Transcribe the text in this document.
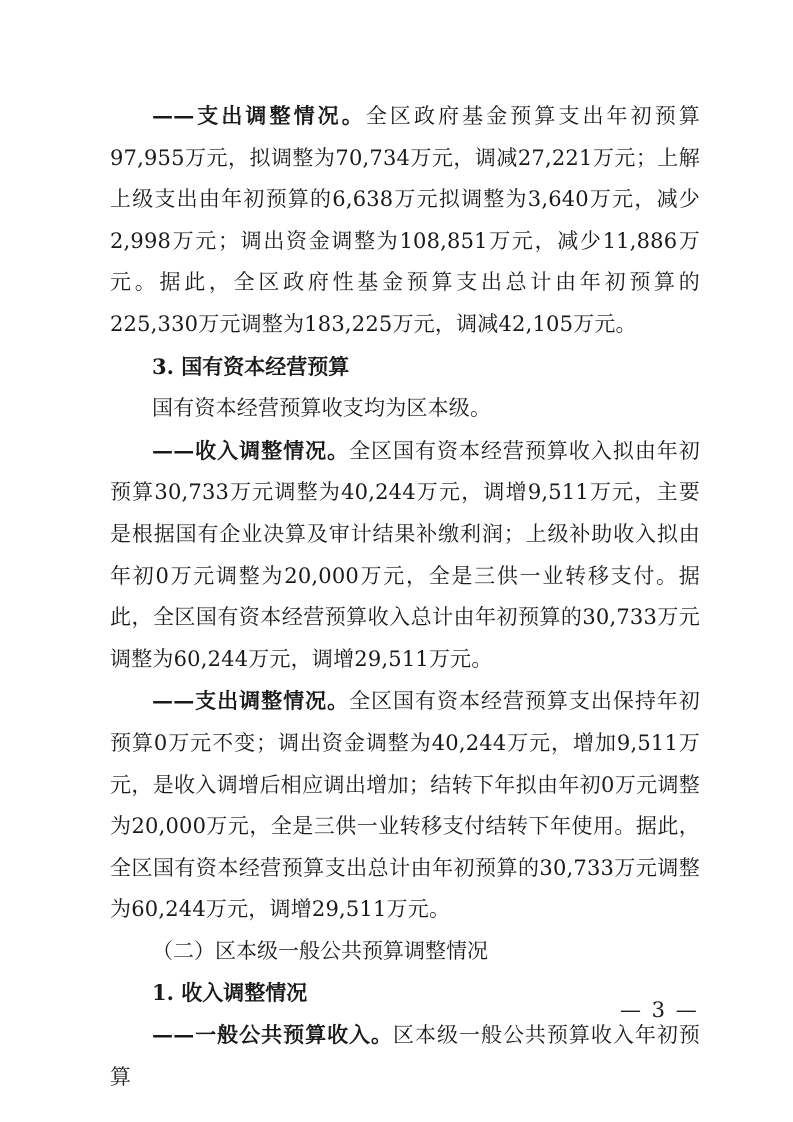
——支出调整情况。全区政府基金预算支出年初预算97,955万元，拟调整为70,734万元，调减27,221万元；上解上级支出由年初预算的6,638万元拟调整为3,640万元，减少2,998万元；调出资金调整为108,851万元，减少11,886万元。据此，全区政府性基金预算支出总计由年初预算的225,330万元调整为183,225万元，调减42,105万元。

3. 国有资本经营预算

国有资本经营预算收支均为区本级。

——收入调整情况。全区国有资本经营预算收入拟由年初预算30,733万元调整为40,244万元，调增9,511万元，主要是根据国有企业决算及审计结果补缴利润；上级补助收入拟由年初0万元调整为20,000万元，全是三供一业转移支付。据此，全区国有资本经营预算收入总计由年初预算的30,733万元调整为60,244万元，调增29,511万元。

——支出调整情况。全区国有资本经营预算支出保持年初预算0万元不变；调出资金调整为40,244万元，增加9,511万元，是收入调增后相应调出增加；结转下年拟由年初0万元调整为20,000万元，全是三供一业转移支付结转下年使用。据此，全区国有资本经营预算支出总计由年初预算的30,733万元调整为60,244万元，调增29,511万元。

（二）区本级一般公共预算调整情况

1. 收入调整情况

——一般公共预算收入。区本级一般公共预算收入年初预算

— 3 —
